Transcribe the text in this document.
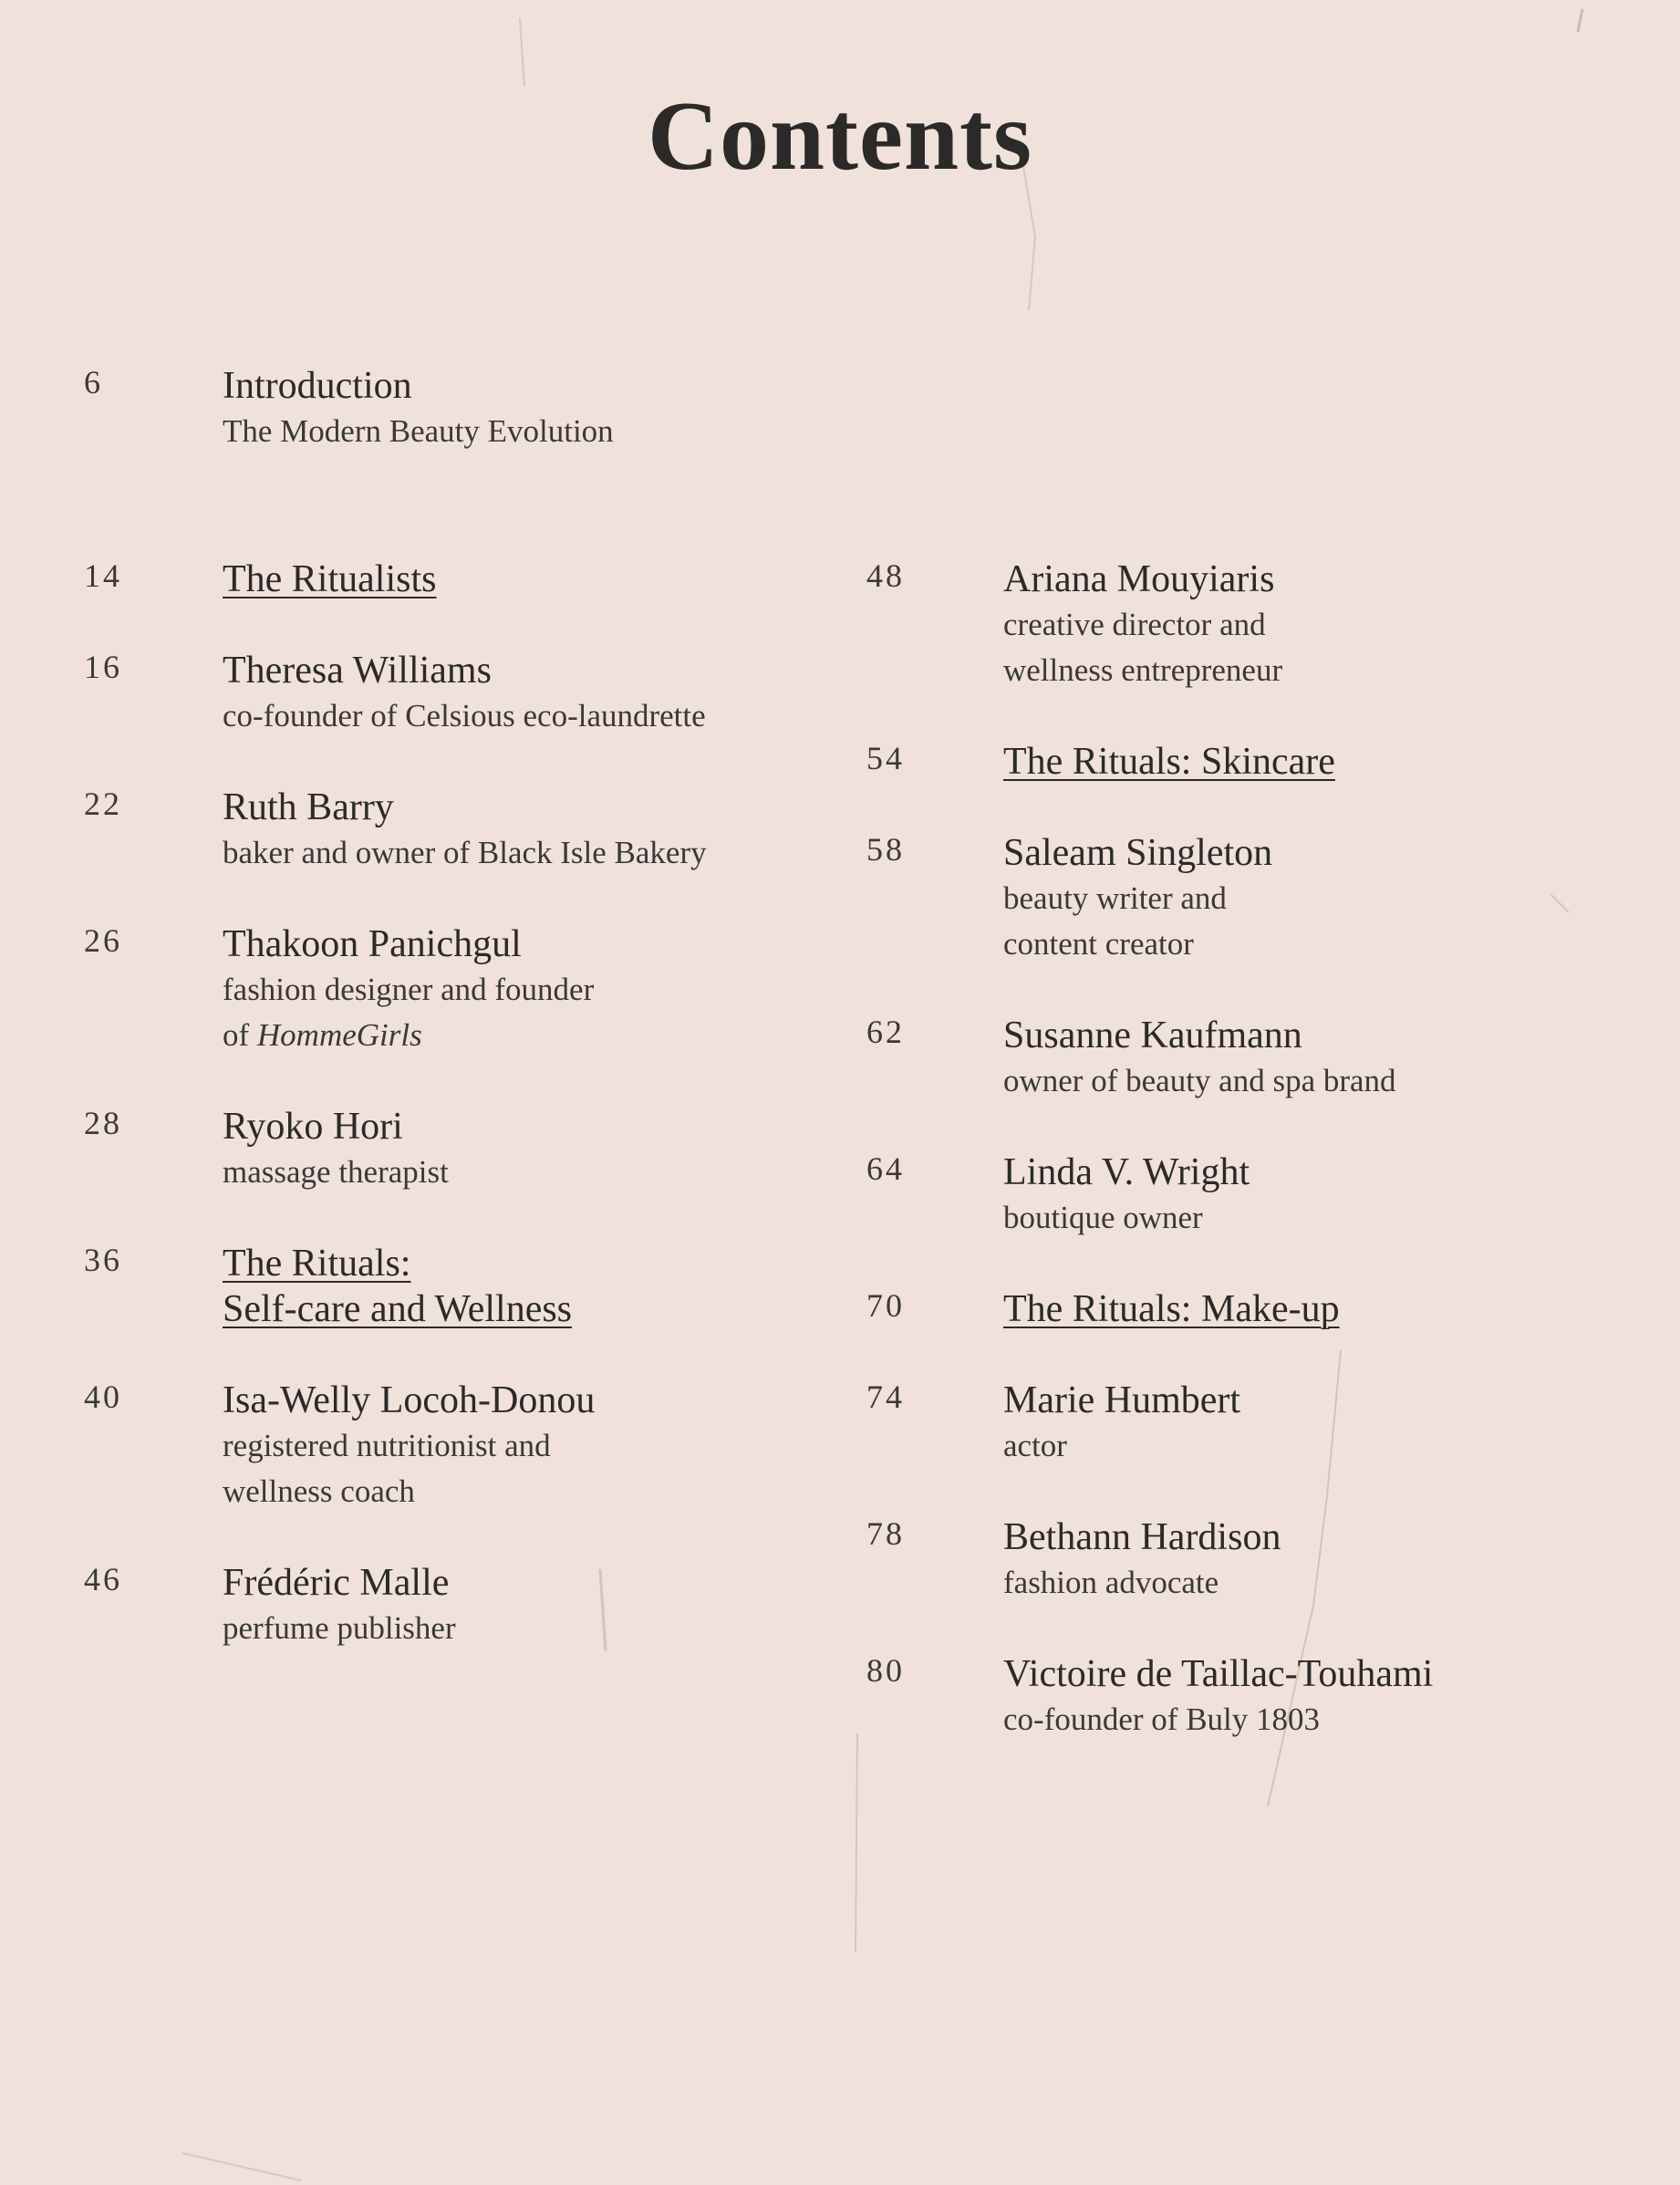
Contents
6	Introduction
The Modern Beauty Evolution
14	The Ritualists
16	Theresa Williams
co-founder of Celsious eco-laundrette
22	Ruth Barry
baker and owner of Black Isle Bakery
26	Thakoon Panichgul
fashion designer and founder
of HommeGirls
28	Ryoko Hori
massage therapist
36	The Rituals:
Self-care and Wellness
40	Isa-Welly Locoh-Donou
registered nutritionist and
wellness coach
46	Frédéric Malle
perfume publisher
48	Ariana Mouyiaris
creative director and
wellness entrepreneur
54	The Rituals: Skincare
58	Saleam Singleton
beauty writer and
content creator
62	Susanne Kaufmann
owner of beauty and spa brand
64	Linda V. Wright
boutique owner
70	The Rituals: Make-up
74	Marie Humbert
actor
78	Bethann Hardison
fashion advocate
80	Victoire de Taillac-Touhami
co-founder of Buly 1803
